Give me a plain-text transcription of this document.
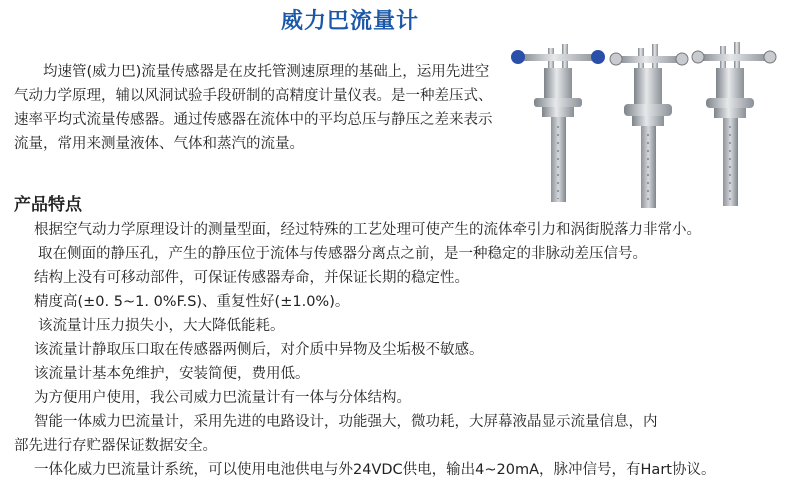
威力巴流量计

均速管(威力巴)流量传感器是在皮托管测速原理的基础上，运用先进空气动力学原理，辅以风洞试验手段研制的高精度计量仪表。是一种差压式、速率平均式流量传感器。通过传感器在流体中的平均总压与静压之差来表示流量，常用来测量液体、气体和蒸汽的流量。

产品特点

根据空气动力学原理设计的测量型面，经过特殊的工艺处理可使产生的流体牵引力和涡街脱落力非常小。

取在侧面的静压孔，产生的静压位于流体与传感器分离点之前，是一种稳定的非脉动差压信号。

结构上没有可移动部件，可保证传感器寿命，并保证长期的稳定性。

精度高(±0. 5~1. 0%F.S)、重复性好(±1.0%)。

该流量计压力损失小，大大降低能耗。

该流量计静取压口取在传感器两侧后，对介质中异物及尘垢极不敏感。

该流量计基本免维护，安装简便，费用低。

为方便用户使用，我公司威力巴流量计有一体与分体结构。

智能一体威力巴流量计，采用先进的电路设计，功能强大，微功耗，大屏幕液晶显示流量信息，内

部先进行存贮器保证数据安全。

一体化威力巴流量计系统，可以使用电池供电与外24VDC供电，输出4~20mA，脉冲信号，有Hart协议。
